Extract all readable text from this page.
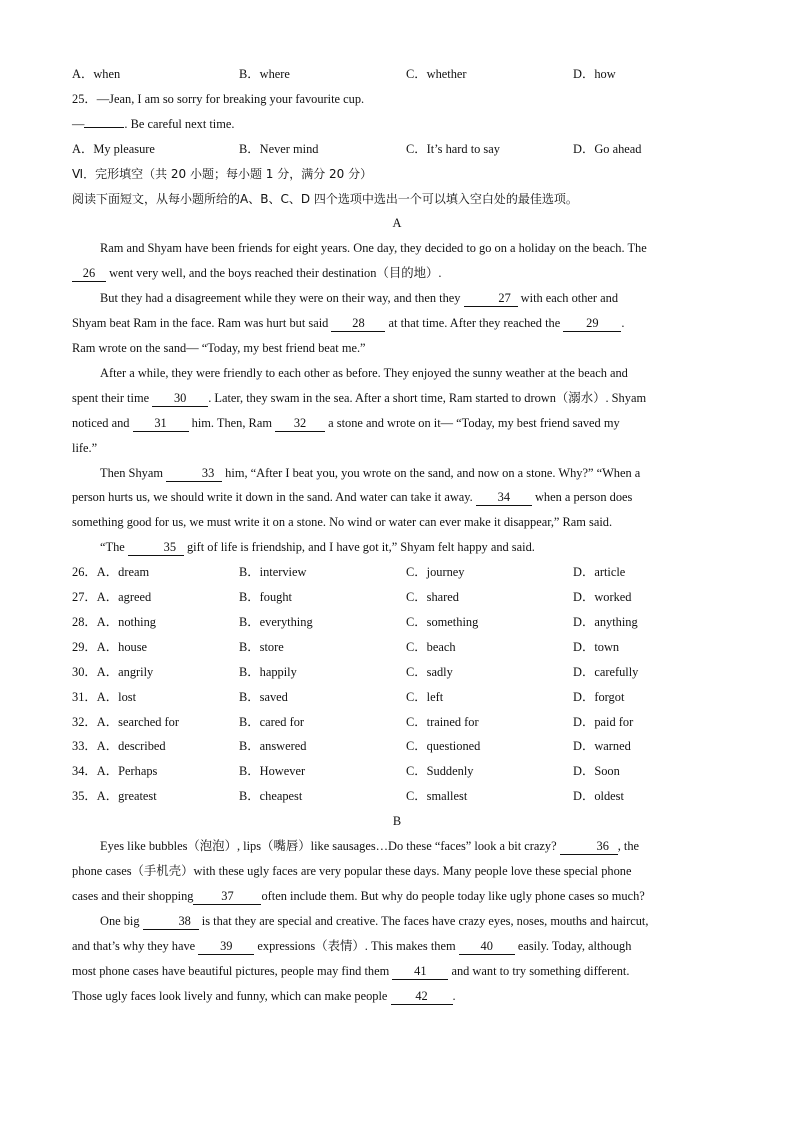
A．when	B．where	C．whether	D．how
25．—Jean, I am so sorry for breaking your favourite cup.
—	. Be careful next time.
A．My pleasure	B．Never mind	C．It’s hard to say	D．Go ahead
Ⅵ．完形填空（共 20 小题；每小题 1 分，满分 20 分）
阅读下面短文，从每小题所给的A、B、C、D 四个选项中选出一个可以填入空白处的最佳选项。
A
Ram and Shyam have been friends for eight years. One day, they decided to go on a holiday on the beach. The
26 went very well, and the boys reached their destination（目的地）.
But they had a disagreement while they were on their way, and then they	27 with each other and
Shyam beat Ram in the face. Ram was hurt but said 28 at that time. After they reached the 29 .
Ram wrote on the sand— “Today, my best friend beat me.”
After a while, they were friendly to each other as before. They enjoyed the sunny weather at the beach and
spent their time 30 . Later, they swam in the sea. After a short time, Ram started to drown（溺水）. Shyam
noticed and 31 him. Then, Ram 32 a stone and wrote on it— “Today, my best friend saved my
life.”
Then Shyam	33 him, “After I beat you, you wrote on the sand, and now on a stone. Why?” “When a
person hurts us, we should write it down in the sand. And water can take it away. 34 when a person does
something good for us, we must write it on a stone. No wind or water can ever make it disappear,” Ram said.
“The	35 gift of life is friendship, and I have got it,” Shyam felt happy and said.
26．A．dream	B．interview	C．journey	D．article
27．A．agreed	B．fought	C．shared	D．worked
28．A．nothing	B．everything	C．something	D．anything
29．A．house	B．store	C．beach	D．town
30．A．angrily	B．happily	C．sadly	D．carefully
31．A．lost	B．saved	C．left	D．forgot
32．A．searched for	B．cared for	C．trained for	D．paid for
33．A．described	B．answered	C．questioned	D．warned
34．A．Perhaps	B．However	C．Suddenly	D．Soon
35．A．greatest	B．cheapest	C．smallest	D．oldest
B
Eyes like bubbles（泡泡）, lips（嘴唇）like sausages…Do these “faces” look a bit crazy?	36 , the
phone cases（手机壳）with these ugly faces are very popular these days. Many people love these special phone
cases and their shopping 37 often include them. But why do people today like ugly phone cases so much?
One big	38 is that they are special and creative. The faces have crazy eyes, noses, mouths and haircut,
and that’s why they have 39 expressions（表情）. This makes them 40 easily. Today, although
most phone cases have beautiful pictures, people may find them 41 and want to try something different.
Those ugly faces look lively and funny, which can make people 42 .
